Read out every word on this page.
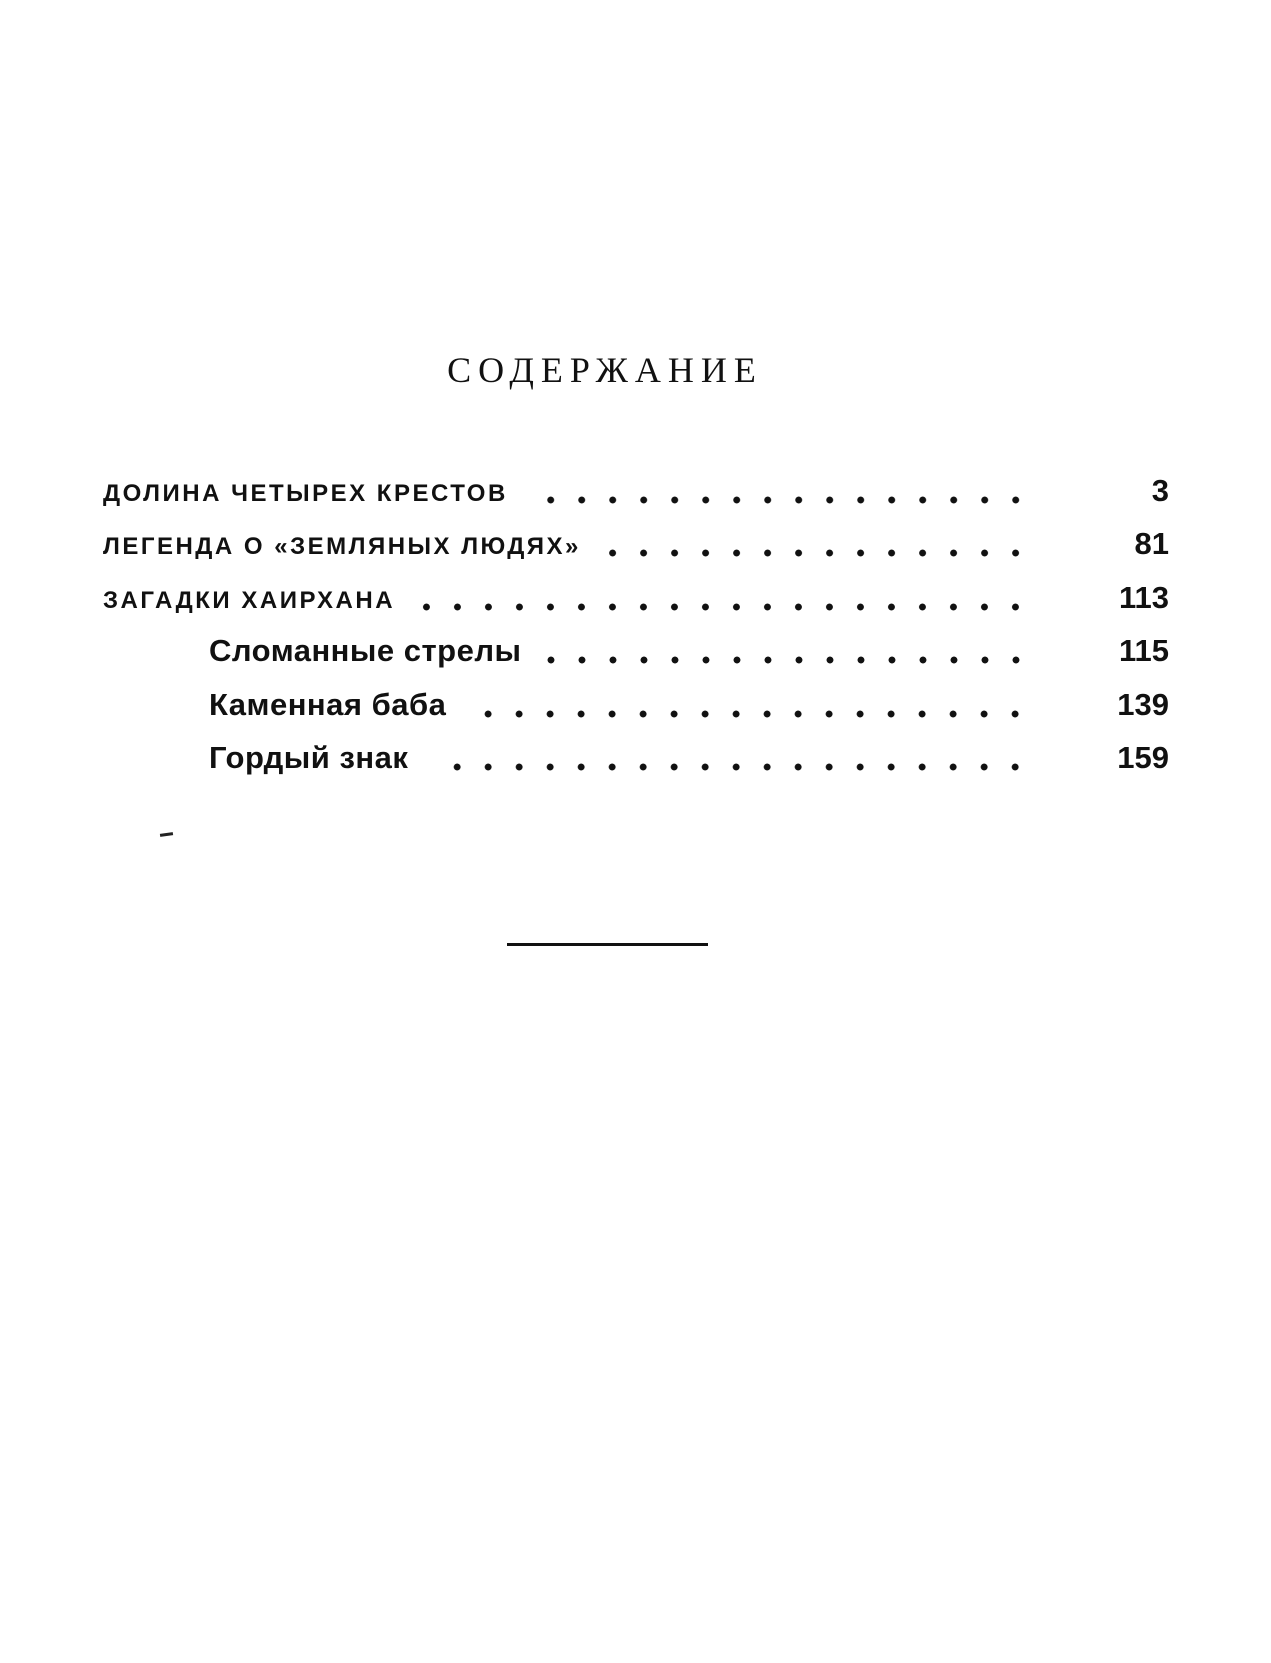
СОДЕРЖАНИЕ
ДОЛИНА ЧЕТЫРЕХ КРЕСТОВ	3
ЛЕГЕНДА О «ЗЕМЛЯНЫХ ЛЮДЯХ»	81
ЗАГАДКИ ХАИРХАНА	113
Сломанные стрелы	115
Каменная баба	139
Гордый знак	159
